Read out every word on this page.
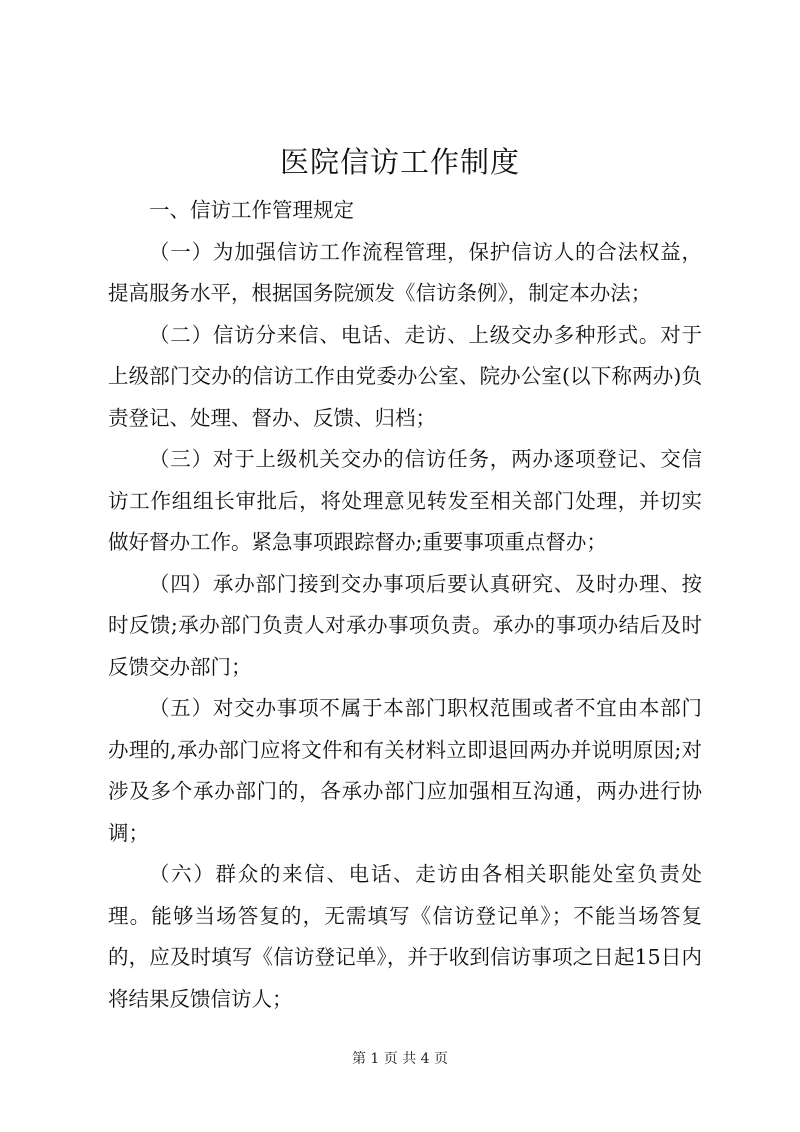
医院信访工作制度

一、信访工作管理规定

（一）为加强信访工作流程管理，保护信访人的合法权益，提高服务水平，根据国务院颁发《信访条例》，制定本办法；

（二）信访分来信、电话、走访、上级交办多种形式。对于上级部门交办的信访工作由党委办公室、院办公室(以下称两办)负责登记、处理、督办、反馈、归档；

（三）对于上级机关交办的信访任务，两办逐项登记、交信访工作组组长审批后，将处理意见转发至相关部门处理，并切实做好督办工作。紧急事项跟踪督办;重要事项重点督办；

（四）承办部门接到交办事项后要认真研究、及时办理、按时反馈;承办部门负责人对承办事项负责。承办的事项办结后及时反馈交办部门；

（五）对交办事项不属于本部门职权范围或者不宜由本部门办理的,承办部门应将文件和有关材料立即退回两办并说明原因;对涉及多个承办部门的，各承办部门应加强相互沟通，两办进行协调；

（六）群众的来信、电话、走访由各相关职能处室负责处理。能够当场答复的，无需填写《信访登记单》；不能当场答复的，应及时填写《信访登记单》，并于收到信访事项之日起15日内将结果反馈信访人；

第 1 页 共 4 页
